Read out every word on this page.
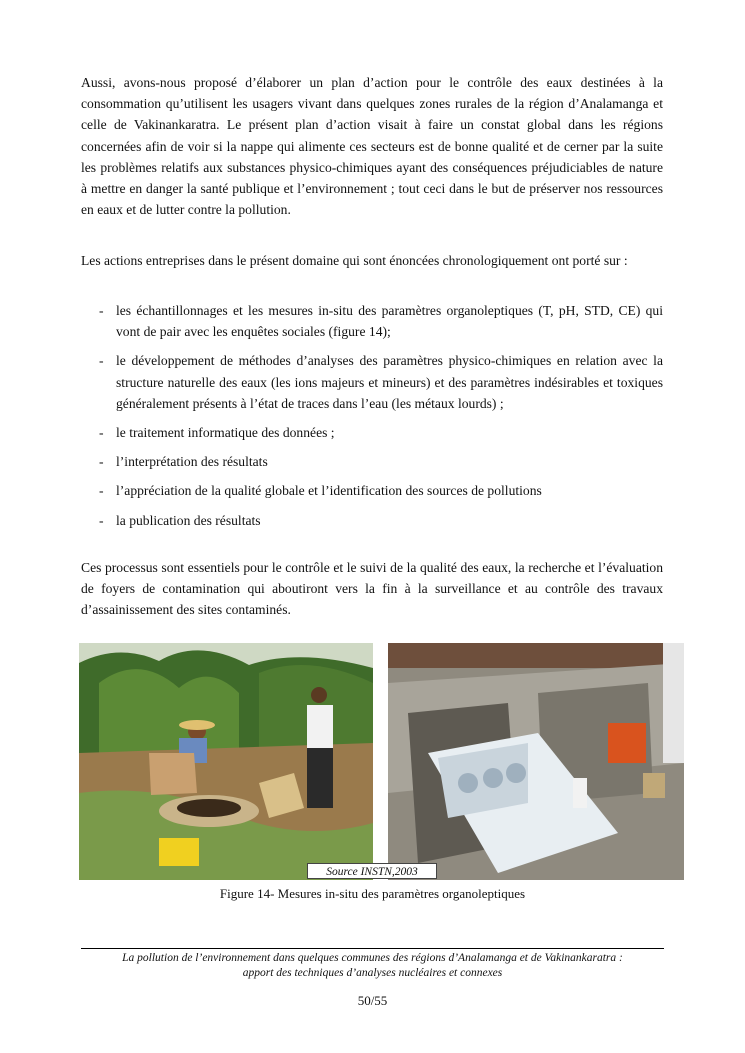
Aussi, avons-nous proposé d’élaborer un plan d’action pour le contrôle des eaux destinées à la consommation qu’utilisent les usagers vivant dans quelques zones rurales de la région d’Analamanga et celle de Vakinankaratra. Le présent plan d’action visait à faire un constat global dans les régions concernées afin de voir si la nappe qui alimente ces secteurs est de bonne qualité et de cerner par la suite les problèmes relatifs aux substances physico-chimiques ayant des conséquences préjudiciables de nature à mettre en danger la santé publique et l’environnement ; tout ceci dans le but de préserver nos ressources en eaux et de lutter contre la pollution.

Les actions entreprises dans le présent domaine qui sont énoncées chronologiquement ont porté sur :

- les échantillonnages et les mesures in-situ des paramètres organoleptiques (T, pH, STD, CE) qui vont de pair avec les enquêtes sociales (figure 14);
- le développement de méthodes d’analyses des paramètres physico-chimiques en relation avec la structure naturelle des eaux (les ions majeurs et mineurs) et des paramètres indésirables et toxiques généralement présents à l’état de traces dans l’eau (les métaux lourds) ;
- le traitement informatique des données ;
- l’interprétation des résultats
- l’appréciation de la qualité globale et l’identification des sources de pollutions
- la publication des résultats

Ces processus sont essentiels pour le contrôle et le suivi de la qualité des eaux, la recherche et l’évaluation de foyers de contamination qui aboutiront vers la fin à la surveillance et au contrôle des travaux d’assainissement des sites contaminés.

Source INSTN,2003
Figure 14- Mesures in-situ des paramètres organoleptiques
La pollution de l’environnement dans quelques communes des régions d’Analamanga et de Vakinankaratra :
apport des techniques d’analyses nucléaires et connexes
50/55
